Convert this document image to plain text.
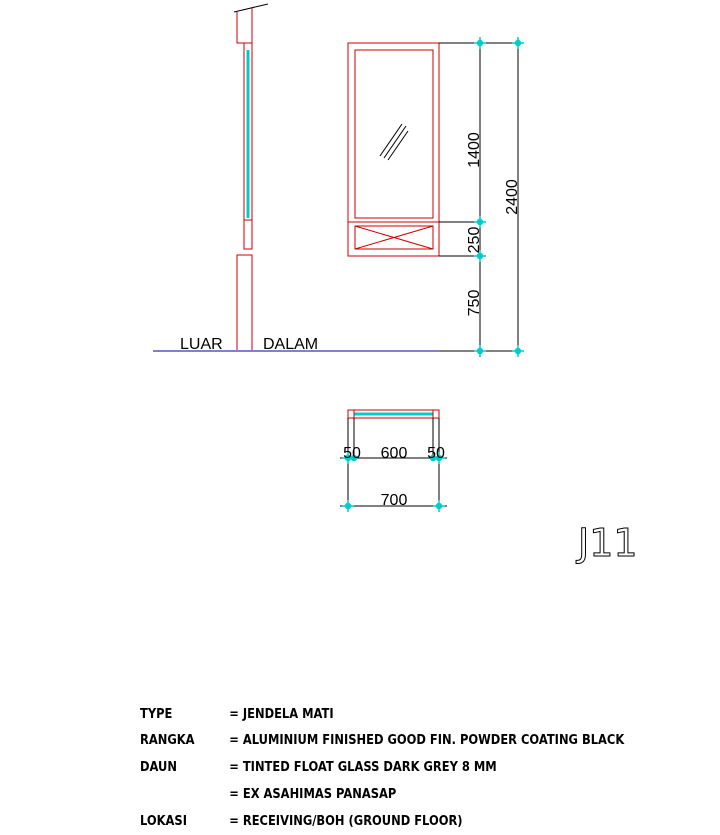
LUAR	DALAM
1400
250
750
2400
50 600 50
700
J11
TYPE	= JENDELA MATI
RANGKA	= ALUMINIUM FINISHED GOOD FIN. POWDER COATING BLACK
DAUN	= TINTED FLOAT GLASS DARK GREY 8 MM
= EX ASAHIMAS PANASAP
LOKASI	= RECEIVING/BOH (GROUND FLOOR)
